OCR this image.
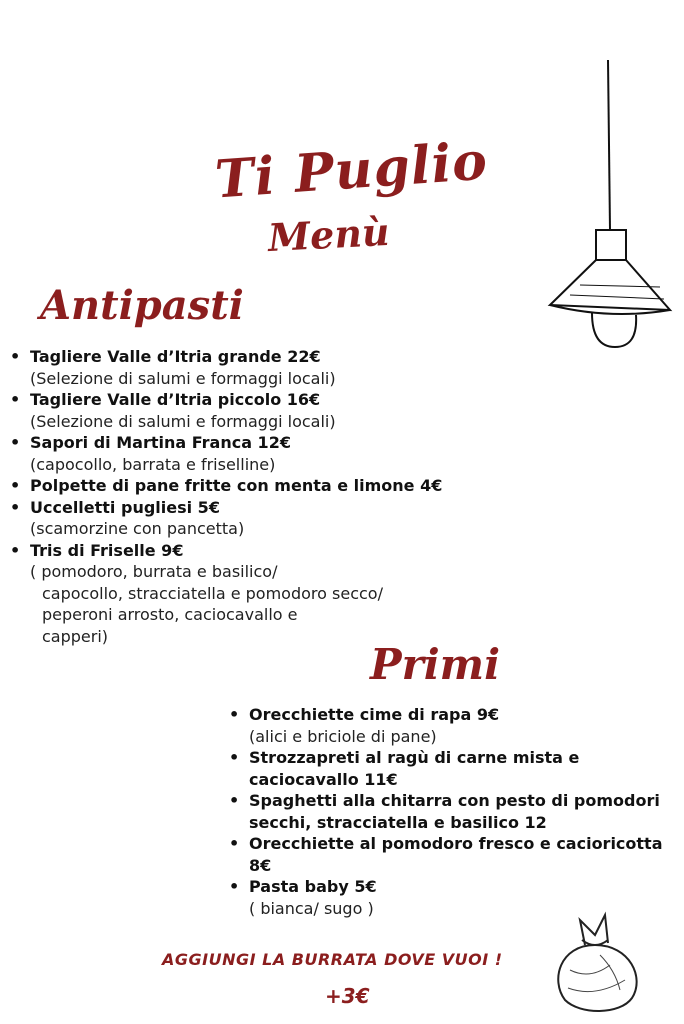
Ti Puglio
Menù
Antipasti
• Tagliere Valle d’Itria grande 22€
(Selezione di salumi e formaggi locali)
• Tagliere Valle d’Itria piccolo 16€
(Selezione di salumi e formaggi locali)
• Sapori di Martina Franca 12€
(capocollo, barrata e friselline)
• Polpette di pane fritte con menta e limone 4€
• Uccelletti pugliesi 5€
(scamorzine con pancetta)
• Tris di Friselle 9€
( pomodoro, burrata e basilico/
capocollo, stracciatella e pomodoro secco/
peperoni arrosto, caciocavallo e
capperi)
Primi
• Orecchiette cime di rapa 9€
(alici e briciole di pane)
• Strozzapreti al ragù di carne mista e caciocavallo 11€
• Spaghetti alla chitarra con pesto di pomodori secchi, stracciatella e basilico 12
• Orecchiette al pomodoro fresco e cacioricotta 8€
• Pasta baby 5€
( bianca/ sugo )
AGGIUNGI LA BURRATA DOVE VUOI !
+3€
